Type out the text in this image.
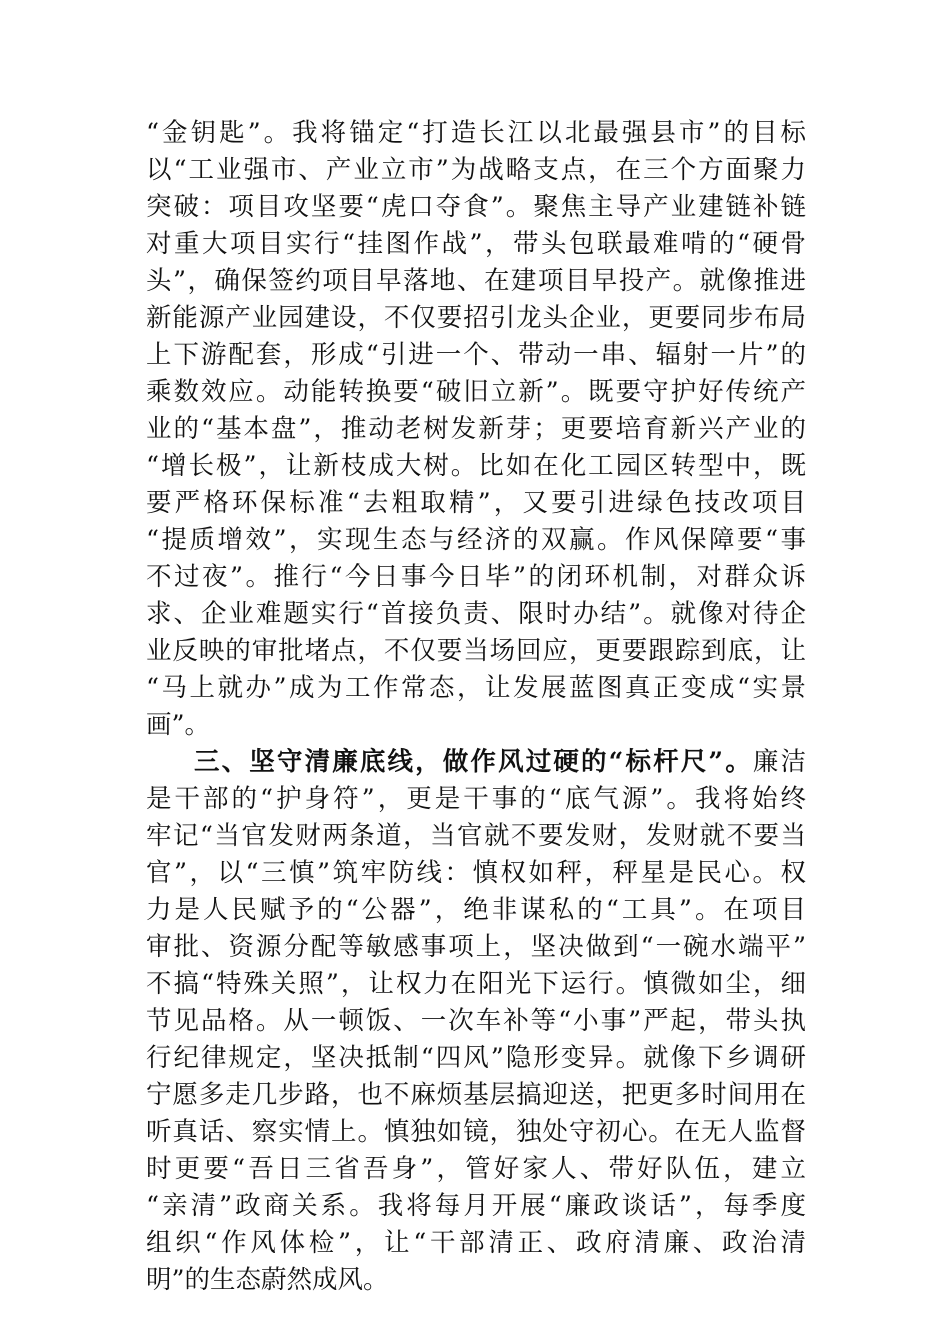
“金钥匙”。我将锚定“打造长江以北最强县市”的目标
以“工业强市、产业立市”为战略支点，在三个方面聚力
突破：项目攻坚要“虎口夺食”。聚焦主导产业建链补链
对重大项目实行“挂图作战”，带头包联最难啃的“硬骨
头”，确保签约项目早落地、在建项目早投产。就像推进
新能源产业园建设，不仅要招引龙头企业，更要同步布局
上下游配套，形成“引进一个、带动一串、辐射一片”的
乘数效应。动能转换要“破旧立新”。既要守护好传统产
业的“基本盘”，推动老树发新芽；更要培育新兴产业的
“增长极”，让新枝成大树。比如在化工园区转型中，既
要严格环保标准“去粗取精”，又要引进绿色技改项目
“提质增效”，实现生态与经济的双赢。作风保障要“事
不过夜”。推行“今日事今日毕”的闭环机制，对群众诉
求、企业难题实行“首接负责、限时办结”。就像对待企
业反映的审批堵点，不仅要当场回应，更要跟踪到底，让
“马上就办”成为工作常态，让发展蓝图真正变成“实景
画”。
三、坚守清廉底线，做作风过硬的“标杆尺”。廉洁
是干部的“护身符”，更是干事的“底气源”。我将始终
牢记“当官发财两条道，当官就不要发财，发财就不要当
官”，以“三慎”筑牢防线：慎权如秤，秤星是民心。权
力是人民赋予的“公器”，绝非谋私的“工具”。在项目
审批、资源分配等敏感事项上，坚决做到“一碗水端平”
不搞“特殊关照”，让权力在阳光下运行。慎微如尘，细
节见品格。从一顿饭、一次车补等“小事”严起，带头执
行纪律规定，坚决抵制“四风”隐形变异。就像下乡调研
宁愿多走几步路，也不麻烦基层搞迎送，把更多时间用在
听真话、察实情上。慎独如镜，独处守初心。在无人监督
时更要“吾日三省吾身”，管好家人、带好队伍，建立
“亲清”政商关系。我将每月开展“廉政谈话”，每季度
组织“作风体检”，让“干部清正、政府清廉、政治清
明”的生态蔚然成风。
